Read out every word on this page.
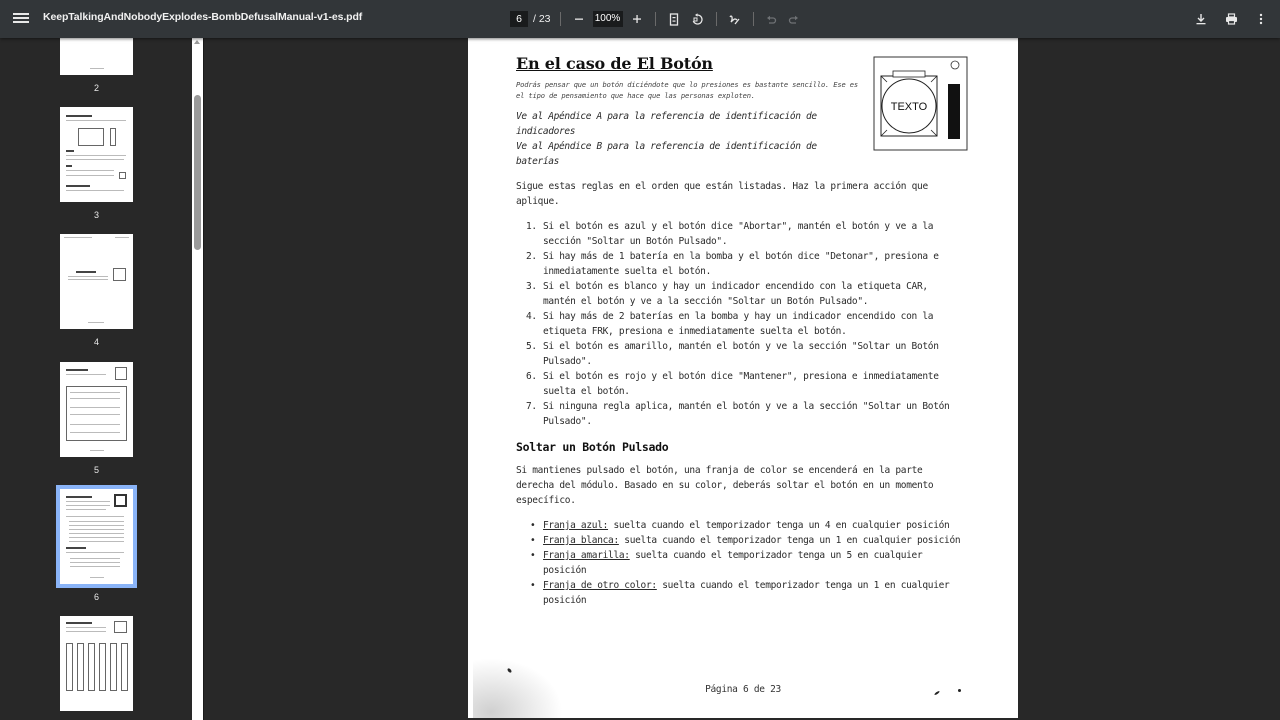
KeepTalkingAndNobodyExplodes-BombDefusalManual-v1-es.pdf	6	/ 23	100%
2
3
4
5
6
En el caso de El Botón
Podrás pensar que un botón diciéndote que lo presiones es bastante sencillo. Ese es el tipo de pensamiento que hace que las personas exploten.
Ve al Apéndice A para la referencia de identificación de indicadores
Ve al Apéndice B para la referencia de identificación de baterías
TEXTO
Sigue estas reglas en el orden que están listadas. Haz la primera acción que aplique.
1. Si el botón es azul y el botón dice "Abortar", mantén el botón y ve a la sección "Soltar un Botón Pulsado".
2. Si hay más de 1 batería en la bomba y el botón dice "Detonar", presiona e inmediatamente suelta el botón.
3. Si el botón es blanco y hay un indicador encendido con la etiqueta CAR, mantén el botón y ve a la sección "Soltar un Botón Pulsado".
4. Si hay más de 2 baterías en la bomba y hay un indicador encendido con la etiqueta FRK, presiona e inmediatamente suelta el botón.
5. Si el botón es amarillo, mantén el botón y ve la sección "Soltar un Botón Pulsado".
6. Si el botón es rojo y el botón dice "Mantener", presiona e inmediatamente suelta el botón.
7. Si ninguna regla aplica, mantén el botón y ve a la sección "Soltar un Botón Pulsado".
Soltar un Botón Pulsado
Si mantienes pulsado el botón, una franja de color se encenderá en la parte derecha del módulo. Basado en su color, deberás soltar el botón en un momento específico.
• Franja azul: suelta cuando el temporizador tenga un 4 en cualquier posición
• Franja blanca: suelta cuando el temporizador tenga un 1 en cualquier posición
• Franja amarilla: suelta cuando el temporizador tenga un 5 en cualquier posición
• Franja de otro color: suelta cuando el temporizador tenga un 1 en cualquier posición
Página 6 de 23
